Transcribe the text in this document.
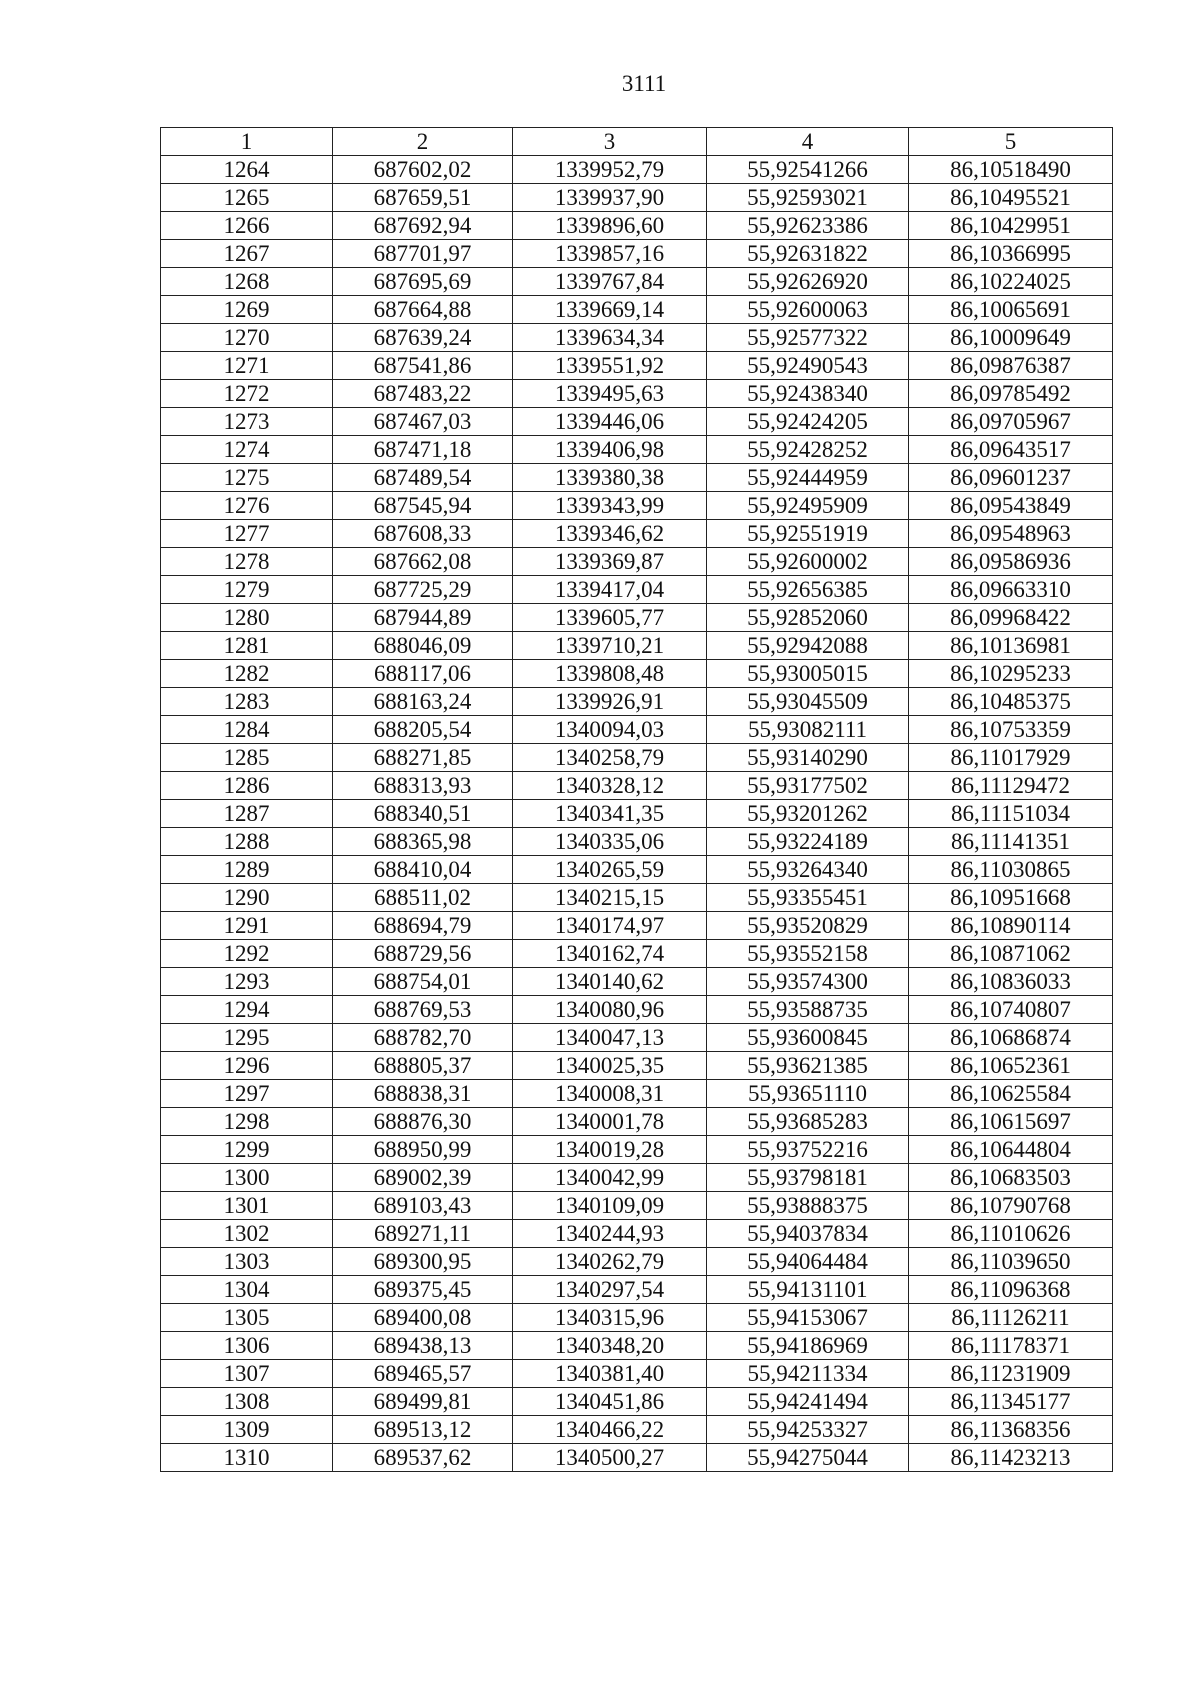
3111
1	2	3	4	5
1264	687602,02	1339952,79	55,92541266	86,10518490
1265	687659,51	1339937,90	55,92593021	86,10495521
1266	687692,94	1339896,60	55,92623386	86,10429951
1267	687701,97	1339857,16	55,92631822	86,10366995
1268	687695,69	1339767,84	55,92626920	86,10224025
1269	687664,88	1339669,14	55,92600063	86,10065691
1270	687639,24	1339634,34	55,92577322	86,10009649
1271	687541,86	1339551,92	55,92490543	86,09876387
1272	687483,22	1339495,63	55,92438340	86,09785492
1273	687467,03	1339446,06	55,92424205	86,09705967
1274	687471,18	1339406,98	55,92428252	86,09643517
1275	687489,54	1339380,38	55,92444959	86,09601237
1276	687545,94	1339343,99	55,92495909	86,09543849
1277	687608,33	1339346,62	55,92551919	86,09548963
1278	687662,08	1339369,87	55,92600002	86,09586936
1279	687725,29	1339417,04	55,92656385	86,09663310
1280	687944,89	1339605,77	55,92852060	86,09968422
1281	688046,09	1339710,21	55,92942088	86,10136981
1282	688117,06	1339808,48	55,93005015	86,10295233
1283	688163,24	1339926,91	55,93045509	86,10485375
1284	688205,54	1340094,03	55,93082111	86,10753359
1285	688271,85	1340258,79	55,93140290	86,11017929
1286	688313,93	1340328,12	55,93177502	86,11129472
1287	688340,51	1340341,35	55,93201262	86,11151034
1288	688365,98	1340335,06	55,93224189	86,11141351
1289	688410,04	1340265,59	55,93264340	86,11030865
1290	688511,02	1340215,15	55,93355451	86,10951668
1291	688694,79	1340174,97	55,93520829	86,10890114
1292	688729,56	1340162,74	55,93552158	86,10871062
1293	688754,01	1340140,62	55,93574300	86,10836033
1294	688769,53	1340080,96	55,93588735	86,10740807
1295	688782,70	1340047,13	55,93600845	86,10686874
1296	688805,37	1340025,35	55,93621385	86,10652361
1297	688838,31	1340008,31	55,93651110	86,10625584
1298	688876,30	1340001,78	55,93685283	86,10615697
1299	688950,99	1340019,28	55,93752216	86,10644804
1300	689002,39	1340042,99	55,93798181	86,10683503
1301	689103,43	1340109,09	55,93888375	86,10790768
1302	689271,11	1340244,93	55,94037834	86,11010626
1303	689300,95	1340262,79	55,94064484	86,11039650
1304	689375,45	1340297,54	55,94131101	86,11096368
1305	689400,08	1340315,96	55,94153067	86,11126211
1306	689438,13	1340348,20	55,94186969	86,11178371
1307	689465,57	1340381,40	55,94211334	86,11231909
1308	689499,81	1340451,86	55,94241494	86,11345177
1309	689513,12	1340466,22	55,94253327	86,11368356
1310	689537,62	1340500,27	55,94275044	86,11423213
